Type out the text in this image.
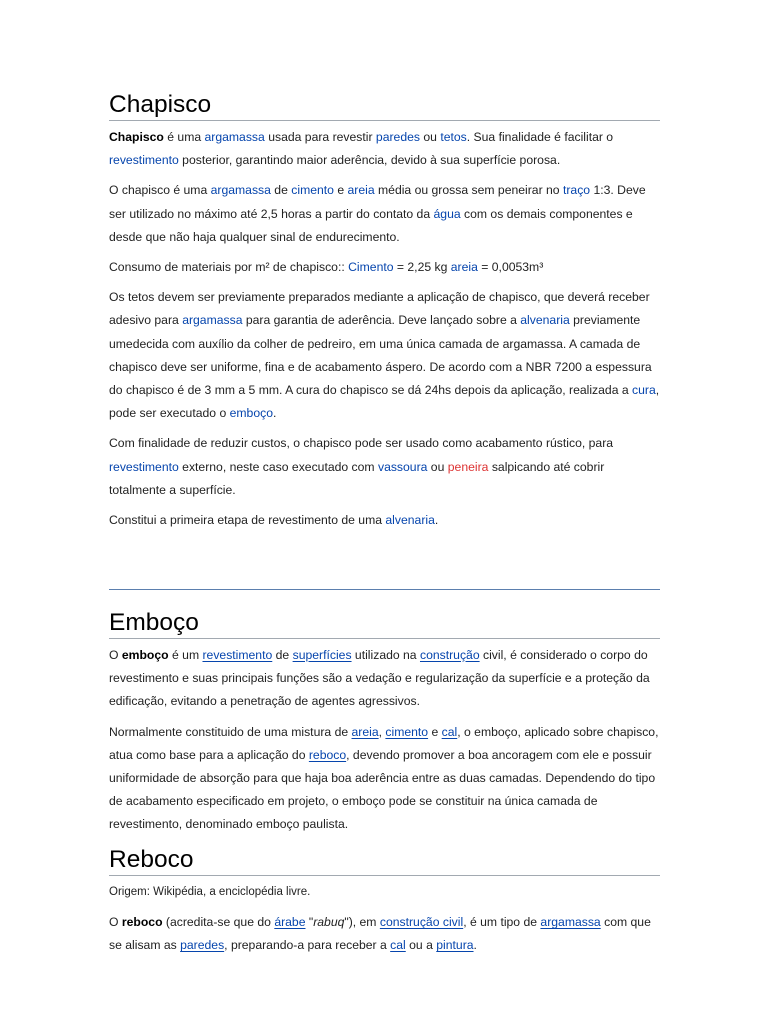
Chapisco

Chapisco é uma argamassa usada para revestir paredes ou tetos. Sua finalidade é facilitar o revestimento posterior, garantindo maior aderência, devido à sua superfície porosa.

O chapisco é uma argamassa de cimento e areia média ou grossa sem peneirar no traço 1:3. Deve ser utilizado no máximo até 2,5 horas a partir do contato da água com os demais componentes e desde que não haja qualquer sinal de endurecimento.

Consumo de materiais por m² de chapisco:: Cimento = 2,25 kg areia = 0,0053m³

Os tetos devem ser previamente preparados mediante a aplicação de chapisco, que deverá receber adesivo para argamassa para garantia de aderência. Deve lançado sobre a alvenaria previamente umedecida com auxílio da colher de pedreiro, em uma única camada de argamassa. A camada de chapisco deve ser uniforme, fina e de acabamento áspero. De acordo com a NBR 7200 a espessura do chapisco é de 3 mm a 5 mm. A cura do chapisco se dá 24hs depois da aplicação, realizada a cura, pode ser executado o emboço.

Com finalidade de reduzir custos, o chapisco pode ser usado como acabamento rústico, para revestimento externo, neste caso executado com vassoura ou peneira salpicando até cobrir totalmente a superfície.

Constitui a primeira etapa de revestimento de uma alvenaria.

Emboço

O emboço é um revestimento de superfícies utilizado na construção civil, é considerado o corpo do revestimento e suas principais funções são a vedação e regularização da superfície e a proteção da edificação, evitando a penetração de agentes agressivos.

Normalmente constituido de uma mistura de areia, cimento e cal, o emboço, aplicado sobre chapisco, atua como base para a aplicação do reboco, devendo promover a boa ancoragem com ele e possuir uniformidade de absorção para que haja boa aderência entre as duas camadas. Dependendo do tipo de acabamento especificado em projeto, o emboço pode se constituir na única camada de revestimento, denominado emboço paulista.

Reboco

Origem: Wikipédia, a enciclopédia livre.

O reboco (acredita-se que do árabe "rabuq"), em construção civil, é um tipo de argamassa com que se alisam as paredes, preparando-a para receber a cal ou a pintura.
